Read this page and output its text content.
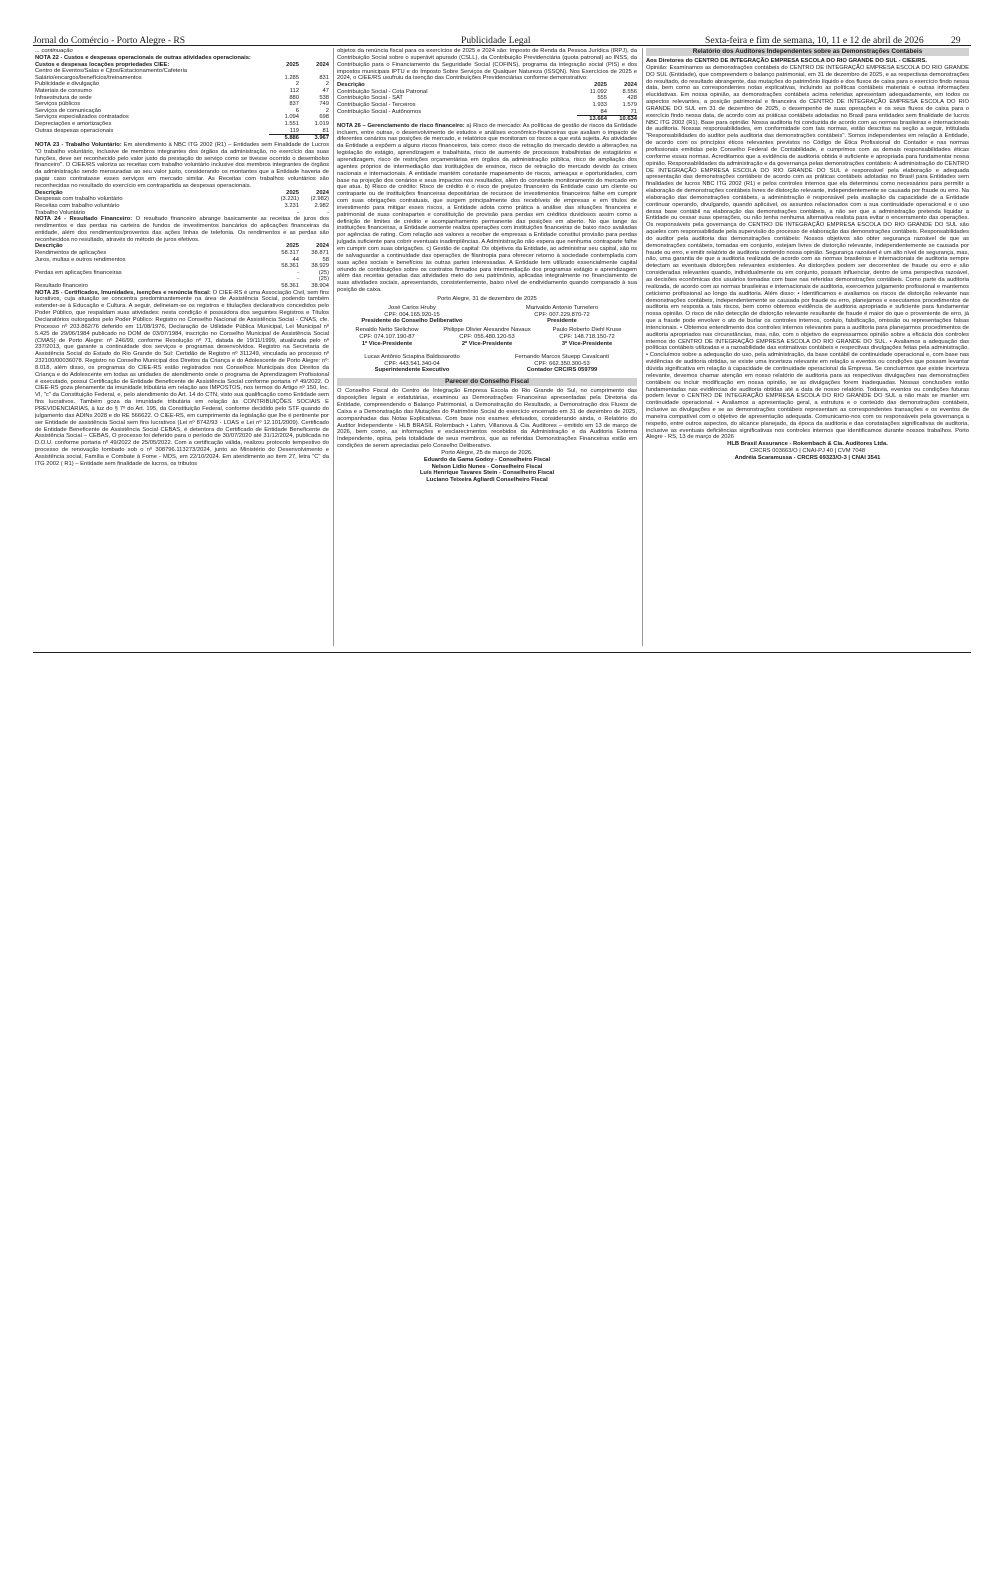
Jornal do Comércio - Porto Alegre - RS	Publicidade Legal	Sexta-feira e fim de semana, 10, 11 e 12 de abril de 2026	29

... continuação

NOTA 22 - Custos e despesas operacionais de outras atividades operacionais:

Custos e despesas locações propriedades CIEE:	2025	2024
Centro de Eventos/Salas e Cjtos/Estacionamento/Cafeteria		
Salário/encargos/benefícios/treinamentos	1.285	831
Publicidade e divulgação	2	2
Materiais de consumo	112	47
Infraestrutura de sede	880	538
Serviços públicos	837	749
Serviços de comunicação	6	2
Serviços especializados contratados	1.094	698
Depreciações e amortizações	1.551	1.019
Outras despesas operacionais	119	81
	5.886	3.967

NOTA 23 - Trabalho Voluntário: Em atendimento à NBC ITG 2002 (R1) – Entidades sem Finalidade de Lucros "O trabalho voluntário, inclusive de membros integrantes dos órgãos da administração, no exercício das suas funções, deve ser reconhecido pelo valor justo da prestação do serviço como se tivesse ocorrido o desembolso financeiro". O CIEE/RS valoriza as receitas com trabalho voluntário inclusive dos membros integrantes de órgãos da administração sendo mensuradas ao seu valor justo, considerando os montantes que a Entidade haveria de pagar caso contratasse esses serviços em mercado similar. As Receitas com trabalhos voluntários são reconhecidas no resultado do exercício em contrapartida as despesas operacionais.

Descrição	2025	2024
Despesas com trabalho voluntário	(3.231)	(2.982)
Receitas com trabalho voluntário	3.231	2.982
Trabalho Voluntário	-	-

NOTA 24 - Resultado Financeiro: O resultado financeiro abrange basicamente as receitas de juros dos rendimentos e das perdas na carteira de fundos de investimentos bancários do aplicações financeiras da entidade, além dos rendimentos/proventos das ações linhas de telefonia. Os rendimentos e as perdas são reconhecidos no resultado, através do método de juros efetivos.

Descrição	2025	2024
Rendimentos de aplicações	58.317	38.871
Juros, multas e outros rendimentos	44	58
	58.361	38.929
Perdas em aplicações financeiras	-	(25)
	-	(25)
Resultado financeiro	58.361	38.904

NOTA 25 - Certificados, Imunidades, isenções e renúncia fiscal: O CIEE-RS é uma Associação Civil, sem fins lucrativos, cuja atuação se concentra predominantemente na área de Assistência Social, podendo também estender-se à Educação e Cultura. A seguir, delineiam-se os registros e titulações declarativos concedidos pelo Poder Público, que respaldam suas atividades: nesta condição é possuidora dos seguintes Registros e Títulos Declaratórios outorgados pelo Poder Público: Registro no Conselho Nacional de Assistência Social - CNAS, cfe. Processo nº 203.862/76 deferido em 11/08/1976, Declaração de Utilidade Pública Municipal, Lei Municipal nº 5.425 de 29/06/1984 publicado no DOM de 03/07/1984, inscrição no Conselho Municipal de Assistência Social (CMAS) de Porto Alegre: nº 246/99, conforme Resolução nº 71, datada de 19/11/1999, atualizada pelo nº 237/2013, que garante a continuidade dos serviços e programas desenvolvidos. Registro na Secretaria de Assistência Social do Estado do Rio Grande do Sul: Certidão de Registro nº 311249, vinculada ao processo nº 232100/00036078. Registro no Conselho Municipal dos Direitos da Criança e do Adolescente de Porto Alegre: nº: 8.018, além disso, os programas do CIEE-RS estão registrados nos Conselhos Municipais dos Direitos da Criança e do Adolescente em todas as unidades de atendimento onde o programa de Aprendizagem Profissional é executado, possui Certificação de Entidade Beneficente de Assistência Social conforme portaria nº 49/2022. O CIEE-RS goza plenamente da imunidade tributária em relação aos IMPOSTOS, nos termos do Artigo nº 150, Inc. VI, "c" da Constituição Federal, e, pelo atendimento do Art. 14 do CTN, visto sua qualificação como Entidade sem fins lucrativos. Também goza da imunidade tributária em relação às CONTRIBUIÇÕES SOCIAIS E PREVIDENCIÁRIAS, à luz do § 7º do Art. 195, da Constituição Federal, conforme decidido pelo STF quando do julgamento das ADINs 2028 e do RE 566622. O CIEE-RS, em cumprimento da legislação que lhe é pertinente por ser Entidade de assistência Social sem fins lucrativos (Lei nº 8742/93 - LOAS e Lei nº 12.101/2009). Certificado de Entidade Beneficente de Assistência Social CEBAS, é detentora do Certificado de Entidade Beneficente de Assistência Social – CEBAS, O processo foi deferido para o período de 30/07/2020 até 31/12/2024, publicada no D.O.U. conforme portaria nº 49/2022 de 25/05/2022. Com a certificação válida, realizou protocolo tempestivo do processo de renovação tombado sob o nº 308796.113273/2024, junto ao Ministério do Desenvolvimento e Assistência social, Família e Combate à Fome - MDS, em 22/10/2024. Em atendimento ao item 27, letra "C" da ITG 2002 ( R1) – Entidade sem finalidade de lucros, os tributos

objetos da renúncia fiscal para os exercícios de 2025 e 2024 são: Imposto de Renda da Pessoa Jurídica (IRPJ), da Contribuição Social sobre o superávit apurado (CSLL), da Contribuição Previdenciária (quota patronal) ao INSS, da Contribuição para o Financiamento da Seguridade Social (COFINS), programa da integração social (PIS) e dos impostos municipais IPTU e do Imposto Sobre Serviços de Qualquer Natureza (ISSQN). Nos Exercícios de 2025 e 2024, o CIEE/RS usufruiu da isenção das Contribuições Previdenciárias conforme demonstrativo:

Descrição	2025	2024
Contribuição Social - Cota Patronal	11.092	8.556
Contribuição Social - SAT	555	428
Contribuição Social - Terceiros	1.933	1.579
Contribuição Social - Autônomos	84	71
	13.664	10.634

NOTA 26 – Gerenciamento de risco financeiro: a) Risco de mercado: As políticas de gestão de riscos da Entidade incluem, entre outras, o desenvolvimento de estudos e análises econômico-financeiras que avaliam o impacto de diferentes cenários nas posições de mercado, e relatórios que monitoram os riscos a que está sujeita. As atividades da Entidade a expõem a alguns riscos financeiros, tais como: risco de retração do mercado devido a alterações na legislação do estágio, aprendizagem e trabalhista, risco de aumento de processos trabalhistas de estagiários e aprendizagem, risco de restrições orçamentárias em órgãos da administração pública, risco de ampliação dos agentes próprios de intermediação das instituições de ensinos, risco de retração do mercado devido às crises nacionais e internacionais. A entidade mantém constante mapeamento de riscos, ameaças e oportunidades, com base na projeção dos cenários e seus impactos nos resultados, além do constante monitoramento do mercado em que atua. b) Risco de crédito: Risco de crédito é o risco de prejuízo financeiro da Entidade caso um cliente ou contraparte ou de instituições financeiras depositárias de recursos de investimentos financeiros falhe em cumprir com suas obrigações contratuais, que surgem principalmente dos recebíveis de empresas e em títulos de investimento para mitigar esses riscos, a Entidade adota como prática a análise das situações financeira e patrimonial de suas contrapartes e constituição de provisão para perdas em créditos duvidosos assim como a definição de limites de crédito e acompanhamento permanente das posições em aberto. No que tange às instituições financeiras, a Entidade somente realiza operações com instituições financeiras de baixo risco avaliadas por agências de rating. Com relação aos valores a receber de empresas a Entidade constitui provisão para perdas julgada suficiente para cobrir eventuais inadimplências. A Administração não espera que nenhuma contraparte falhe em cumprir com suas obrigações. c) Gestão de capital: Os objetivos da Entidade, ao administrar seu capital, são os de salvaguardar a continuidade das operações de filantropia para oferecer retorno à sociedade contemplada com suas ações sociais e benefícios às outras partes interessadas. A Entidade tem utilizado essencialmente capital oriundo de contribuições sobre os contratos firmados para intermediação dos programas estágio e aprendizagem além das receitas geradas das atividades meio do seu patrimônio, aplicadas integralmente no financiamento de suas atividades sociais, apresentando, consistentemente, baixo nível de endividamento quando comparado à sua posição de caixa.

Porto Alegre, 31 de dezembro de 2025

José Carlos Hruby
CPF: 004.165.920-15
Presidente do Conselho Deliberativo
Marivaldo Antonio Turnelero
CPF: 007.229.870-72
Presidente
Renaldo Netto Sielichow
CPF: 074.107.190-87
1º Vice-Presidente
Philippe Olivier Alexandre Navaux
CPF: 055.480.120-53
2º Vice-Presidente
Paulo Roberto Diehl Kruse
CPF: 148.718.150-72
3º Vice-Presidente
Lucas Antônio Sciapina Baldissarotto
CPF: 443.541.340-04
Superintendente Executivo
Fernando Marcos Stuepp Cavalcanti
CPF: 662.350.300-53
Contador CRC/RS 059799
Parecer do Conselho Fiscal

O Conselho Fiscal do Centro de Integração Empresa Escola do Rio Grande do Sul, no cumprimento das disposições legais e estatutárias, examinou as Demonstrações Financeiras apresentadas pela Diretoria da Entidade, compreendendo o Balanço Patrimonial, a Demonstração do Resultado, a Demonstração dos Fluxos de Caixa e a Demonstração das Mutações do Patrimônio Social do exercício encerrado em 31 de dezembro de 2025, acompanhadas das Notas Explicativas. Com base nos exames efetuados, considerando ainda, o Relatório do Auditor Independente - HLB BRASIL Rolembach • Lahm, Villanova & Cia. Auditores – emitido em 13 de março de 2026, bem como, as informações e esclarecimentos recebidos da Administração e da Auditoria Externa Independente, opina, pela totalidade de seus membros, que as referidas Demonstrações Financeiras estão em condições de serem apreciadas pelo Conselho Deliberativo.

Porto Alegre, 25 de março de 2026.

Eduardo da Gama Godoy - Conselheiro Fiscal
Nelson Lidio Nunes - Conselheiro Fiscal
Luis Henrique Tavares Stein - Conselheiro Fiscal
Luciano Teixeira Agliardi Conselheiro Fiscal
Relatório dos Auditores Independentes sobre as Demonstrações Contábeis

Aos Diretores do CENTRO DE INTEGRAÇÃO EMPRESA ESCOLA DO RIO GRANDE DO SUL - CIEE/RS.

Opinião: Examinamos as demonstrações contábeis do CENTRO DE INTEGRAÇÃO EMPRESA ESCOLA DO RIO GRANDE DO SUL (Entidade), que compreendem o balanço patrimonial, em 31 de dezembro de 2025, e as respectivas demonstrações do resultado, do resultado abrangente, das mutações do patrimônio líquido e dos fluxos de caixa para o exercício findo nessa data, bem como as correspondentes notas explicativas, incluindo as políticas contábeis materiais e outras informações elucidativas. Em nossa opinião, as demonstrações contábeis acima referidas apresentam adequadamente, em todos os aspectos relevantes, a posição patrimonial e financeira do CENTRO DE INTEGRAÇÃO EMPRESA ESCOLA DO RIO GRANDE DO SUL em 31 de dezembro de 2025, o desempenho de suas operações e os seus fluxos de caixa para o exercício findo nessa data, de acordo com as práticas contábeis adotadas no Brasil para entidades sem finalidade de lucros NBC ITG 2002 (R1). Base para opinião: Nossa auditoria foi conduzida de acordo com as normas brasileiras e internacionais de auditoria. Nossas responsabilidades, em conformidade com tais normas, estão descritas na seção a seguir, intitulada "Responsabilidades do auditor pela auditoria das demonstrações contábeis". Somos independentes em relação à Entidade, de acordo com os princípios éticos relevantes previstos no Código de Ética Profissional do Contador e nas normas profissionais emitidas pelo Conselho Federal de Contabilidade, e cumprimos com as demais responsabilidades éticas conforme essas normas. Acreditamos que a evidência de auditoria obtida é suficiente e apropriada para fundamentar nossa opinião. Responsabilidades da administração e da governança pelas demonstrações contábeis: A administração do CENTRO DE INTEGRAÇÃO EMPRESA ESCOLA DO RIO GRANDE DO SUL é responsável pela elaboração e adequada apresentação das demonstrações contábeis de acordo com as práticas contábeis adotadas no Brasil para Entidades sem finalidades de lucros NBC ITG 2002 (R1) e pelos controles internos que ela determinou como necessários para permitir a elaboração de demonstrações contábeis livres de distorção relevante, independentemente se causada por fraude ou erro. Na elaboração das demonstrações contábeis, a administração é responsável pela avaliação da capacidade de a Entidade continuar operando, divulgando, quando aplicável, os assuntos relacionados com a sua continuidade operacional e o uso dessa base contábil na elaboração das demonstrações contábeis, a não ser que a administração pretenda liquidar a Entidade ou cessar suas operações, ou não tenha nenhuma alternativa realista para evitar o encerramento das operações. Os responsáveis pela governança do CENTRO DE INTEGRAÇÃO EMPRESA ESCOLA DO RIO GRANDE DO SUL são aqueles com responsabilidade pela supervisão do processo de elaboração das demonstrações contábeis. Responsabilidades do auditor pela auditoria das demonstrações contábeis: Nossos objetivos são obter segurança razoável de que as demonstrações contábeis, tomadas em conjunto, estejam livres de distorção relevante, independentemente se causada por fraude ou erro, e emitir relatório de auditoria contendo nossa opinião. Segurança razoável é um alto nível de segurança, mas, não, uma garantia de que a auditoria realizada de acordo com as normas brasileiras e internacionais de auditoria sempre detectam as eventuais distorções relevantes existentes. As distorções podem ser decorrentes de fraude ou erro e são consideradas relevantes quando, individualmente ou em conjunto, possam influenciar, dentro de uma perspectiva razoável, as decisões econômicas dos usuários tomadas com base nas referidas demonstrações contábeis. Como parte da auditoria realizada, de acordo com as normas brasileiras e internacionais de auditoria, exercemos julgamento profissional e mantemos ceticismo profissional ao longo da auditoria. Além disso: • Identificamos e avaliamos os riscos de distorção relevante nas demonstrações contábeis, independentemente se causada por fraude ou erro, planejamos e executamos procedimentos de auditoria em resposta a tais riscos, bem como obtemos evidência de auditoria apropriada e suficiente para fundamentar nossa opinião. O risco de não detecção de distorção relevante resultante de fraude é maior do que o proveniente de erro, já que a fraude pode envolver o ato de burlar os controles internos, conluio, falsificação, omissão ou representações falsas intencionais. • Obtemos entendimento dos controles internos relevantes para a auditoria para planejarmos procedimentos de auditoria apropriados nas circunstâncias, mas, não, com o objetivo de expressarmos opinião sobre a eficácia dos controles internos do CENTRO DE INTEGRAÇÃO EMPRESA ESCOLA DO RIO GRANDE DO SUL. • Avaliamos a adequação das políticas contábeis utilizadas e a razoabilidade das estimativas contábeis e respectivas divulgações feitas pela administração. • Concluímos sobre a adequação do uso, pela administração, da base contábil de continuidade operacional e, com base nas evidências de auditoria obtidas, se existe uma incerteza relevante em relação a eventos ou condições que possam levantar dúvida significativa em relação à capacidade de continuidade operacional da Empresa. Se concluirmos que existe incerteza relevante, devemos chamar atenção em nosso relatório de auditoria para as respectivas divulgações nas demonstrações contábeis ou incluir modificação em nossa opinião, se as divulgações forem inadequadas. Nossas conclusões estão fundamentadas nas evidências de auditoria obtidas até a data de nosso relatório. Todavia, eventos ou condições futuras podem levar o CENTRO DE INTEGRAÇÃO EMPRESA ESCOLA DO RIO GRANDE DO SUL a não mais se manter em continuidade operacional. • Avaliamos a apresentação geral, a estrutura e o conteúdo das demonstrações contábeis, inclusive as divulgações e se as demonstrações contábeis representam as correspondentes transações e os eventos de maneira compatível com o objetivo de apresentação adequada. Comunicamo-nos com os responsáveis pela governança a respeito, entre outros aspectos, do alcance planejado, da época da auditoria e das constatações significativas de auditoria, inclusive as eventuais deficiências significativas nos controles internos que identificamos durante nossos trabalhos. Porto Alegre - RS, 13 de março de 2026

HLB Brasil Assurance - Rokembach & Cia. Auditores Ltda.

CRCRS 003663/O | CNAI-PJ 40 | CVM 7048

Andréia Scaramussa - CRCRS 69323/O-3 | CNAI 3541
